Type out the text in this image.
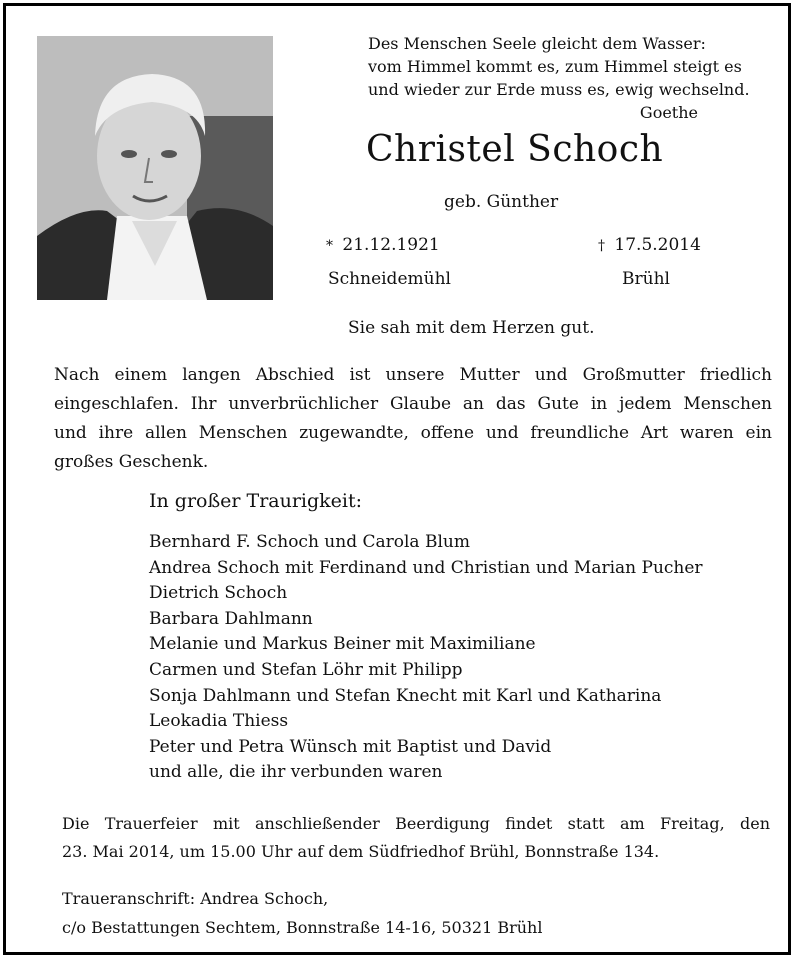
Des Menschen Seele gleicht dem Wasser:
vom Himmel kommt es, zum Himmel steigt es
und wieder zur Erde muss es, ewig wechselnd.
Goethe
Christel Schoch
geb. Günther
* 21.12.1921	† 17.5.2014
Schneidemühl	Brühl
Sie sah mit dem Herzen gut.
Nach einem langen Abschied ist unsere Mutter und Großmutter friedlich
eingeschlafen. Ihr unverbrüchlicher Glaube an das Gute in jedem Menschen
und ihre allen Menschen zugewandte, offene und freundliche Art waren ein
großes Geschenk.
In großer Traurigkeit:
Bernhard F. Schoch und Carola Blum
Andrea Schoch mit Ferdinand und Christian und Marian Pucher
Dietrich Schoch
Barbara Dahlmann
Melanie und Markus Beiner mit Maximiliane
Carmen und Stefan Löhr mit Philipp
Sonja Dahlmann und Stefan Knecht mit Karl und Katharina
Leokadia Thiess
Peter und Petra Wünsch mit Baptist und David
und alle, die ihr verbunden waren
Die Trauerfeier mit anschließender Beerdigung findet statt am Freitag, den
23. Mai 2014, um 15.00 Uhr auf dem Südfriedhof Brühl, Bonnstraße 134.
Traueranschrift: Andrea Schoch,
c/o Bestattungen Sechtem, Bonnstraße 14-16, 50321 Brühl
